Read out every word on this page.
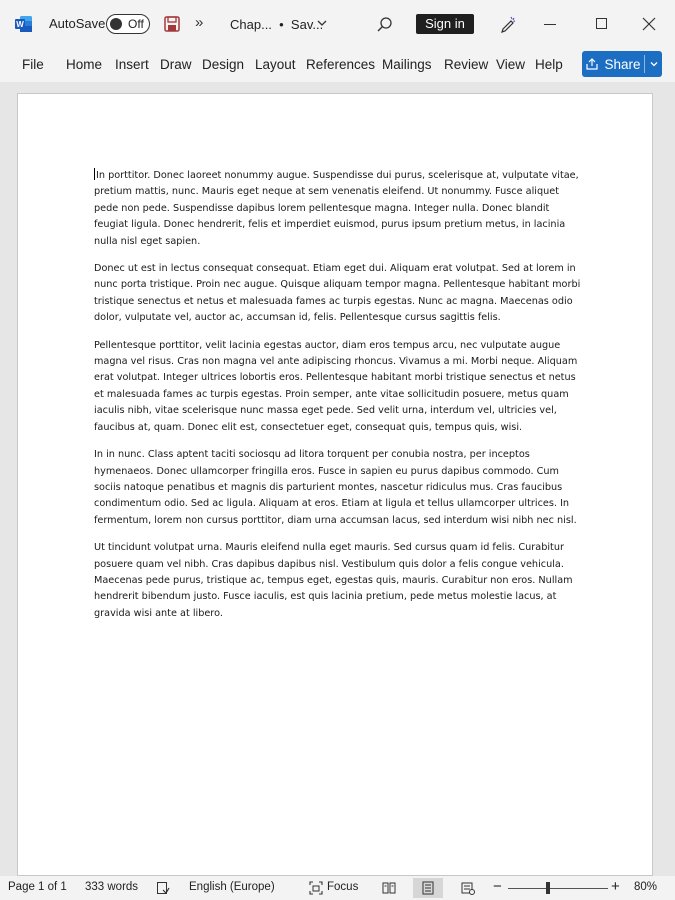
W AutoSave Off	» Chap...  •  Sav...	Sign in
File Home Insert Draw Design Layout References Mailings Review View Help	Share

In porttitor. Donec laoreet nonummy augue. Suspendisse dui purus, scelerisque at, vulputate vitae, pretium mattis, nunc. Mauris eget neque at sem venenatis eleifend. Ut nonummy. Fusce aliquet pede non pede. Suspendisse dapibus lorem pellentesque magna. Integer nulla. Donec blandit feugiat ligula. Donec hendrerit, felis et imperdiet euismod, purus ipsum pretium metus, in lacinia nulla nisl eget sapien.

Donec ut est in lectus consequat consequat. Etiam eget dui. Aliquam erat volutpat. Sed at lorem in nunc porta tristique. Proin nec augue. Quisque aliquam tempor magna. Pellentesque habitant morbi tristique senectus et netus et malesuada fames ac turpis egestas. Nunc ac magna. Maecenas odio dolor, vulputate vel, auctor ac, accumsan id, felis. Pellentesque cursus sagittis felis.

Pellentesque porttitor, velit lacinia egestas auctor, diam eros tempus arcu, nec vulputate augue magna vel risus. Cras non magna vel ante adipiscing rhoncus. Vivamus a mi. Morbi neque. Aliquam erat volutpat. Integer ultrices lobortis eros. Pellentesque habitant morbi tristique senectus et netus et malesuada fames ac turpis egestas. Proin semper, ante vitae sollicitudin posuere, metus quam iaculis nibh, vitae scelerisque nunc massa eget pede. Sed velit urna, interdum vel, ultricies vel, faucibus at, quam. Donec elit est, consectetuer eget, consequat quis, tempus quis, wisi.

In in nunc. Class aptent taciti sociosqu ad litora torquent per conubia nostra, per inceptos hymenaeos. Donec ullamcorper fringilla eros. Fusce in sapien eu purus dapibus commodo. Cum sociis natoque penatibus et magnis dis parturient montes, nascetur ridiculus mus. Cras faucibus condimentum odio. Sed ac ligula. Aliquam at eros. Etiam at ligula et tellus ullamcorper ultrices. In fermentum, lorem non cursus porttitor, diam urna accumsan lacus, sed interdum wisi nibh nec nisl.

Ut tincidunt volutpat urna. Mauris eleifend nulla eget mauris. Sed cursus quam id felis. Curabitur posuere quam vel nibh. Cras dapibus dapibus nisl. Vestibulum quis dolor a felis congue vehicula. Maecenas pede purus, tristique ac, tempus eget, egestas quis, mauris. Curabitur non eros. Nullam hendrerit bibendum justo. Fusce iaculis, est quis lacinia pretium, pede metus molestie lacus, at gravida wisi ante at libero.

Page 1 of 1 333 words	English (Europe)	Focus	−	+ 80%
